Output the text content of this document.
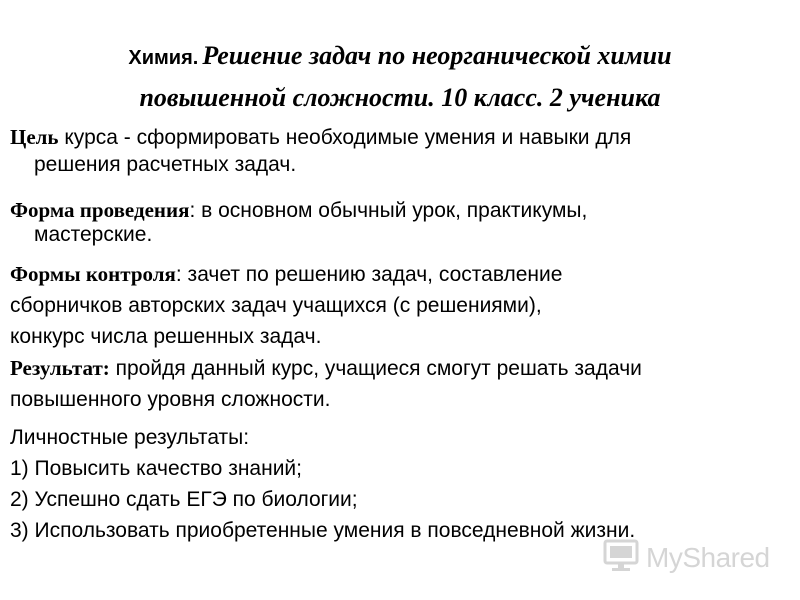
Химия. Решение задач по неорганической химии
повышенной сложности. 10 класс. 2 ученика
Цель курса - сформировать необходимые умения и навыки для
решения расчетных задач.
Форма проведения: в основном обычный урок, практикумы,
мастерские.
Формы контроля: зачет по решению задач, составление
сборничков авторских задач учащихся (с решениями),
конкурс числа решенных задач.
Результат: пройдя данный курс, учащиеся смогут решать задачи
повышенного уровня сложности.
Личностные результаты:
1) Повысить качество знаний;
2) Успешно сдать ЕГЭ по биологии;
3) Использовать приобретенные умения в повседневной жизни.
MyShared
